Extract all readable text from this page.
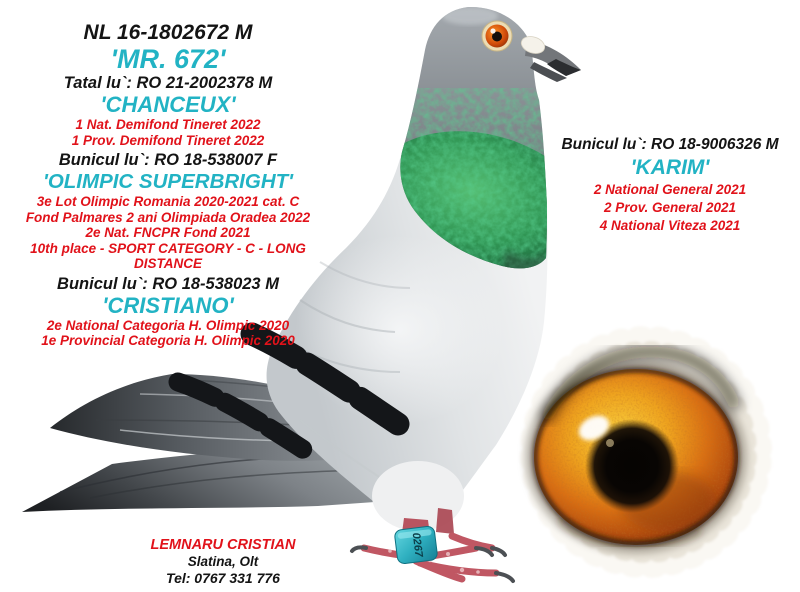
0267
NL 16-1802672 M
'MR. 672'
Tatal lu`: RO 21-2002378 M
'CHANCEUX'
1 Nat. Demifond Tineret 2022
1 Prov. Demifond Tineret 2022
Bunicul lu`: RO 18-538007 F
'OLIMPIC SUPERBRIGHT'
3e Lot Olimpic Romania 2020-2021 cat. C
Fond Palmares 2 ani Olimpiada Oradea 2022
2e Nat. FNCPR Fond 2021
10th place - SPORT CATEGORY - C - LONG DISTANCE
Bunicul lu`: RO 18-538023 M
'CRISTIANO'
2e National Categoria H. Olimpic 2020
1e Provincial Categoria H. Olimpic 2020
Bunicul lu`: RO 18-9006326 M
'KARIM'
2 National General 2021
2 Prov. General 2021
4 National Viteza 2021
LEMNARU CRISTIAN
Slatina, Olt
Tel: 0767 331 776
